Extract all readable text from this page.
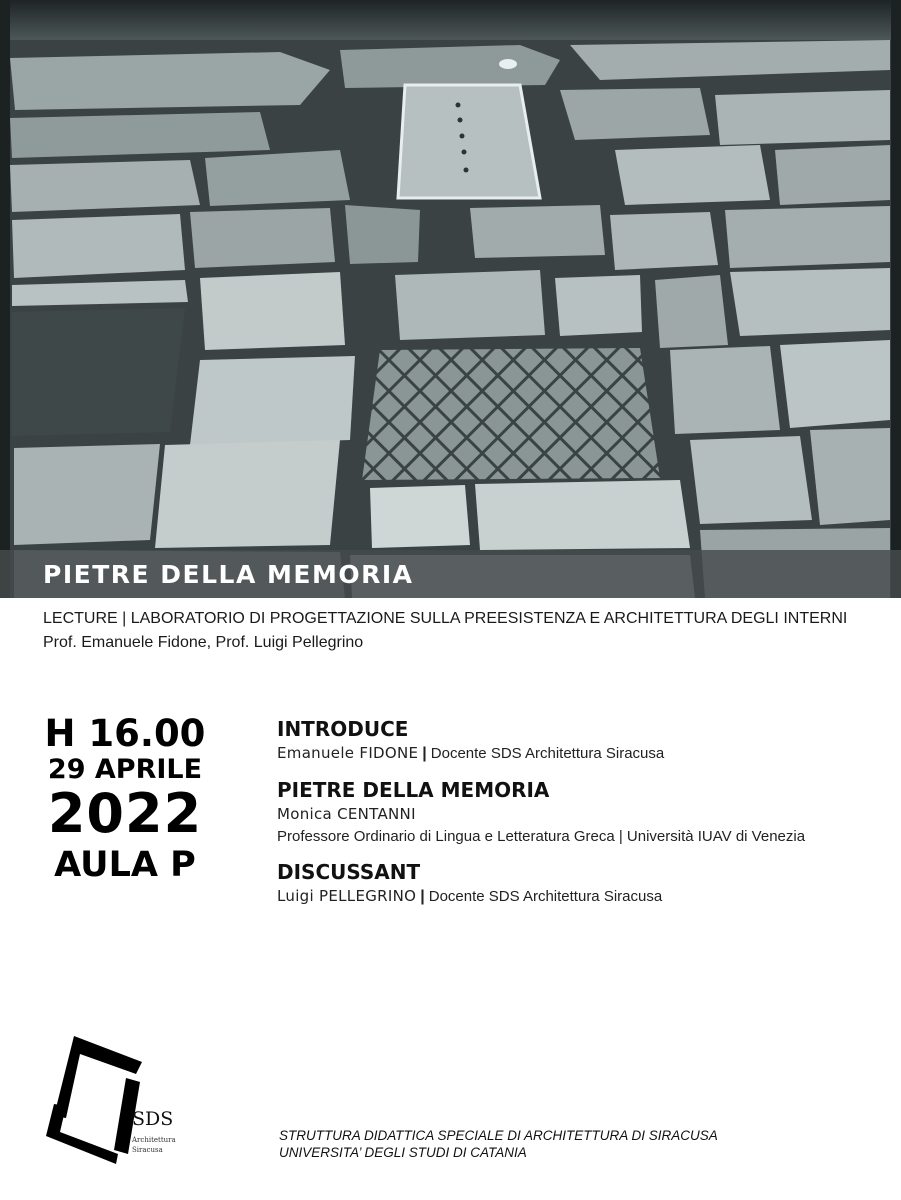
PIETRE DELLA MEMORIA
LECTURE | LABORATORIO DI PROGETTAZIONE SULLA PREESISTENZA E ARCHITETTURA DEGLI INTERNI
Prof. Emanuele Fidone, Prof. Luigi Pellegrino
H 16.00
29 APRILE
2022
AULA P
INTRODUCE
Emanuele FIDONE | Docente SDS Architettura Siracusa
PIETRE DELLA MEMORIA
Monica CENTANNI
Professore Ordinario di Lingua e Letteratura Greca | Università IUAV di Venezia
DISCUSSANT
Luigi PELLEGRINO | Docente SDS Architettura Siracusa
SDS
Architettura
Siracusa
STRUTTURA DIDATTICA SPECIALE DI ARCHITETTURA DI SIRACUSA
UNIVERSITA’ DEGLI STUDI DI CATANIA
